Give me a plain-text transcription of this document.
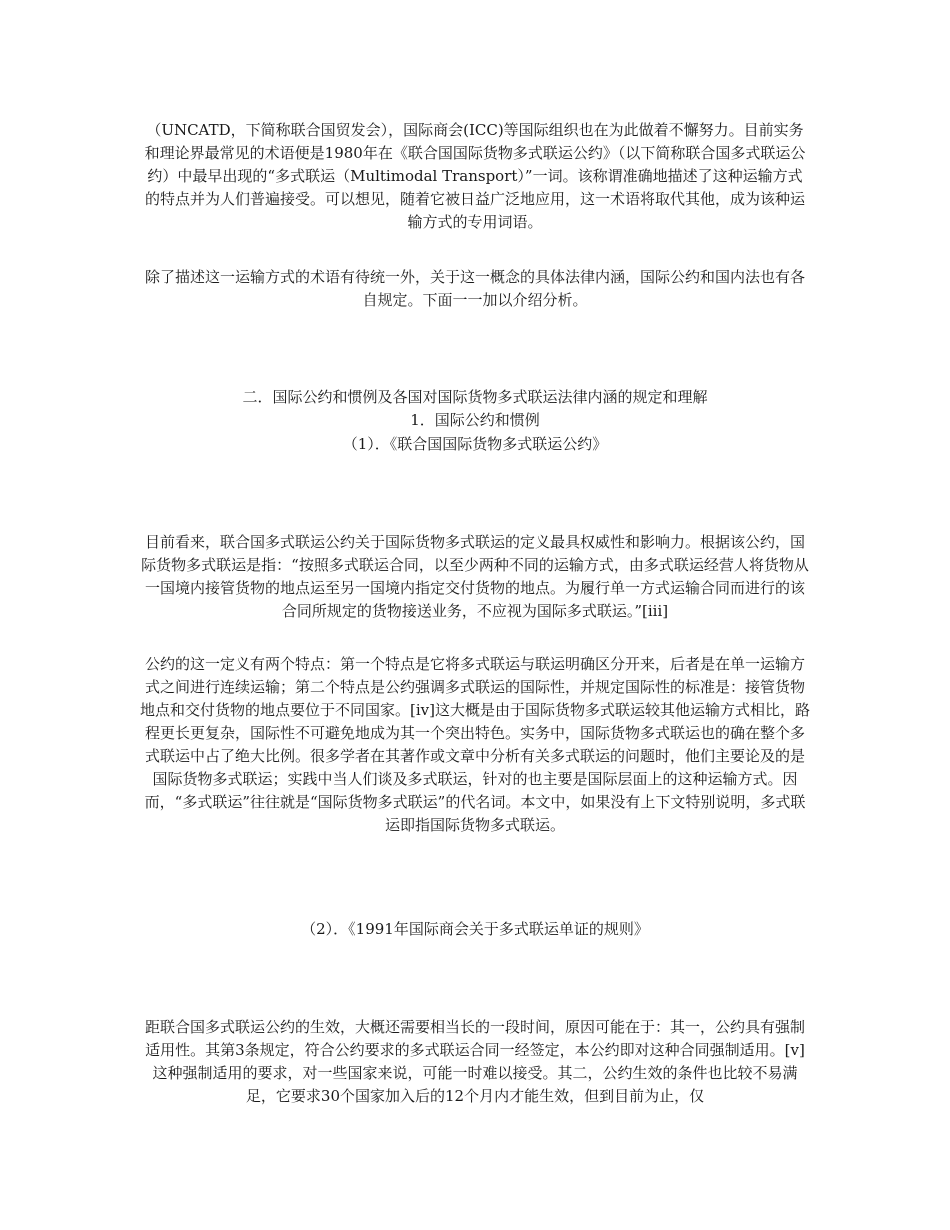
（UNCATD，下简称联合国贸发会），国际商会(ICC)等国际组织也在为此做着不懈努力。目前实务和理论界最常见的术语便是1980年在《联合国国际货物多式联运公约》（以下简称联合国多式联运公约）中最早出现的“多式联运（Multimodal Transport）”一词。该称谓准确地描述了这种运输方式的特点并为人们普遍接受。可以想见，随着它被日益广泛地应用，这一术语将取代其他，成为该种运输方式的专用词语。

除了描述这一运输方式的术语有待统一外，关于这一概念的具体法律内涵，国际公约和国内法也有各自规定。下面一一加以介绍分析。

二．国际公约和惯例及各国对国际货物多式联运法律内涵的规定和理解

1．国际公约和惯例

（1）．《联合国国际货物多式联运公约》

目前看来，联合国多式联运公约关于国际货物多式联运的定义最具权威性和影响力。根据该公约，国际货物多式联运是指：“按照多式联运合同，以至少两种不同的运输方式，由多式联运经营人将货物从一国境内接管货物的地点运至另一国境内指定交付货物的地点。为履行单一方式运输合同而进行的该合同所规定的货物接送业务，不应视为国际多式联运。”[iii]

公约的这一定义有两个特点：第一个特点是它将多式联运与联运明确区分开来，后者是在单一运输方式之间进行连续运输；第二个特点是公约强调多式联运的国际性，并规定国际性的标准是：接管货物地点和交付货物的地点要位于不同国家。[iv]这大概是由于国际货物多式联运较其他运输方式相比，路程更长更复杂，国际性不可避免地成为其一个突出特色。实务中，国际货物多式联运也的确在整个多式联运中占了绝大比例。很多学者在其著作或文章中分析有关多式联运的问题时，他们主要论及的是国际货物多式联运；实践中当人们谈及多式联运，针对的也主要是国际层面上的这种运输方式。因而，“多式联运”往往就是“国际货物多式联运”的代名词。本文中，如果没有上下文特别说明，多式联运即指国际货物多式联运。

（2）．《1991年国际商会关于多式联运单证的规则》

距联合国多式联运公约的生效，大概还需要相当长的一段时间，原因可能在于：其一，公约具有强制适用性。其第3条规定，符合公约要求的多式联运合同一经签定，本公约即对这种合同强制适用。[v] 这种强制适用的要求，对一些国家来说，可能一时难以接受。其二，公约生效的条件也比较不易满足，它要求30个国家加入后的12个月内才能生效，但到目前为止，仅
